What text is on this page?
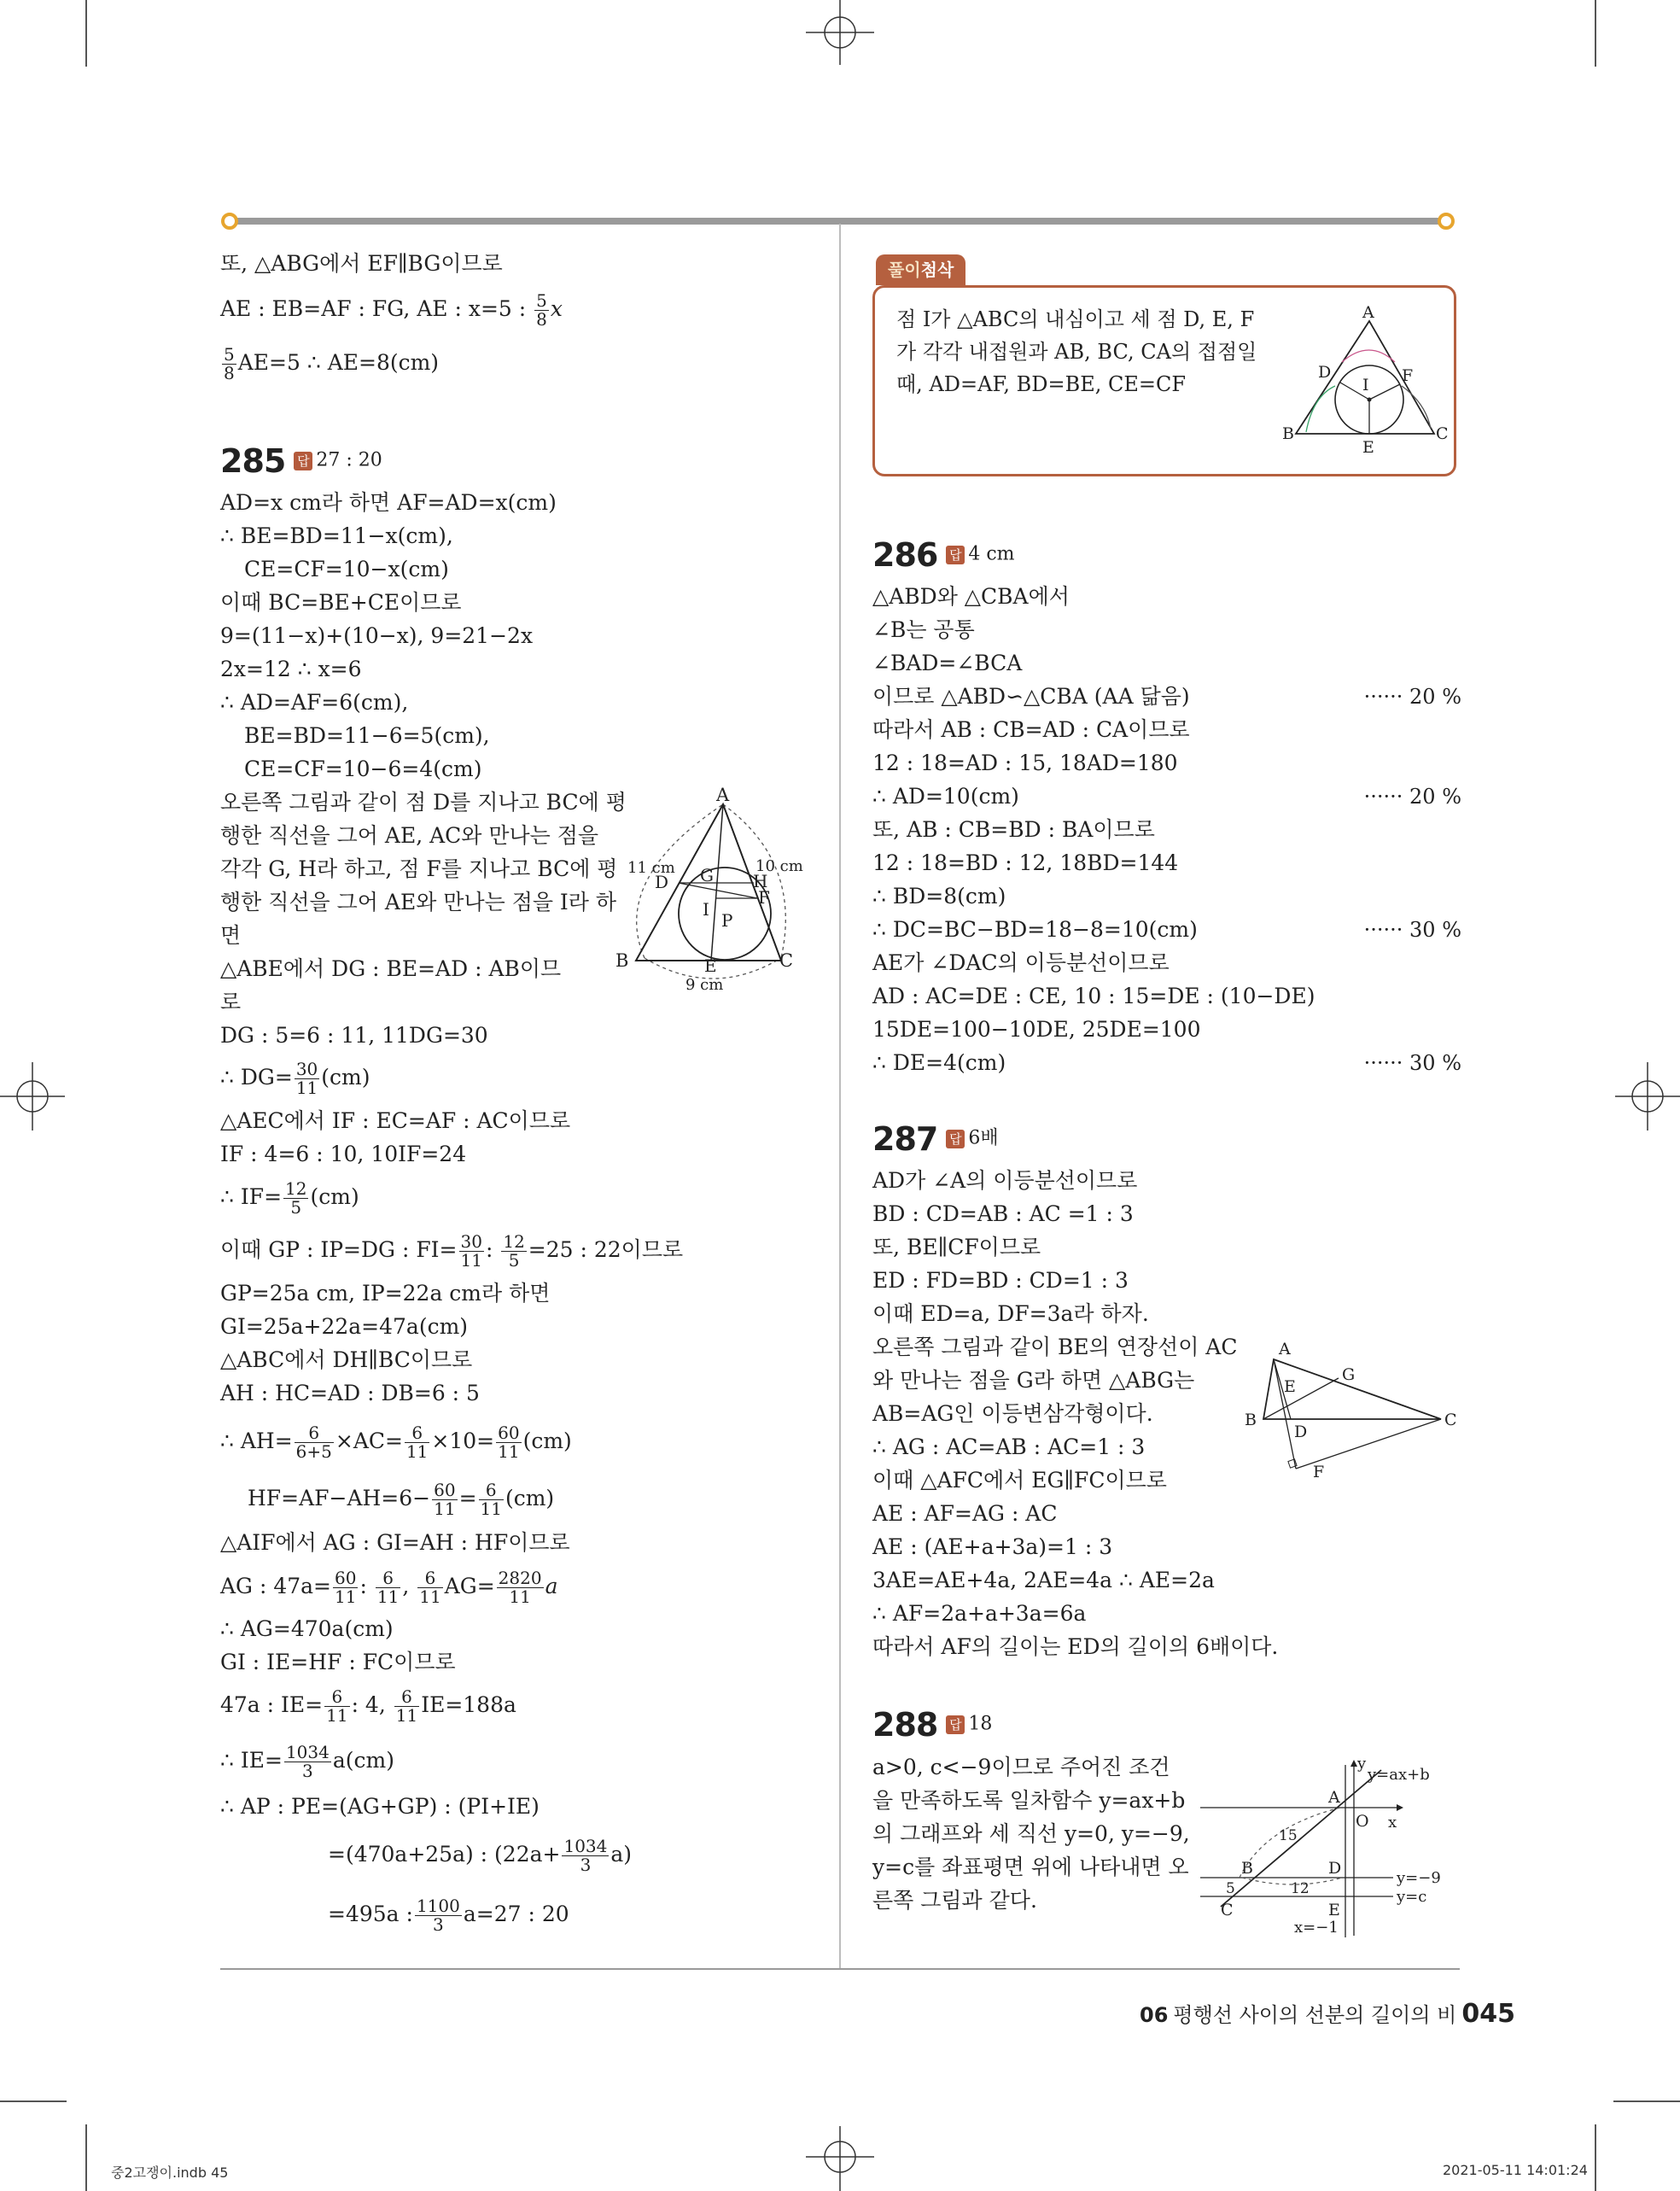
또, △ABG에서 EF∥BG이므로
AE : EB=AF : FG, AE : x=5 : $\frac{5}{8}$ x
$\frac{5}{8} AE=5$ ∴ AE=8(cm)
285 답 27 : 20
AD=x cm라 하면 AF=AD=x(cm)
∴ BE=BD=11−x(cm),
CE=CF=10−x(cm)
이때 BC=BE+CE이므로
9=(11−x)+(10−x), 9=21−2x
2x=12 ∴ x=6
∴ AD=AF=6(cm),
BE=BD=11−6=5(cm),
CE=CF=10−6=4(cm)
오른쪽 그림과 같이 점 D를 지나고 BC에 평
행한 직선을 그어 AE, AC와 만나는 점을
각각 G, H라 하고, 점 F를 지나고 BC에 평
행한 직선을 그어 AE와 만나는 점을 I라 하
면
△ABE에서 DG : BE=AD : AB이므
로
DG : 5=6 : 11, 11DG=30
∴ $DG= \frac{30}{11} (cm)$
△AEC에서 IF : EC=AF : AC이므로
IF : 4=6 : 10, 10IF=24
∴ $IF= \frac{12}{5} (cm)$
이때 GP : IP=DG : $FI= \frac{30}{11}$ : $\frac{12}{5} =25$ : 22이므로
GP=25a cm, IP=22a cm라 하면
GI=25a+22a=47a(cm)
△ABC에서 DH∥BC이므로
AH : HC=AD : DB=6 : 5
∴ $AH= \frac{6}{6+5} \times AC= \frac{6}{11} \times 10= \frac{60}{11} (cm)$
$HF=AF-AH=6- \frac{60}{11} = \frac{6}{11} (cm)$
△AIF에서 AG : GI=AH : HF이므로
AG : $47a= \frac{60}{11}$ : $\frac{6}{11}$ , $\frac{6}{11} AG= \frac{2820}{11}$ a
∴ AG=470a(cm)
GI : IE=HF : FC이므로
47a : $IE= \frac{6}{11}$ : 4, $\frac{6}{11} IE=188a$
∴ $IE= \frac{1034}{3} a(cm)$
∴ AP : PE=(AG+GP) : (PI+IE)
=(470a+25a) : $(22a+ \frac{1034}{3} a)$
=495a : $\frac{1100}{3} a=27$ : 20
A
B	C
D
E
F
G H
I
P
11 cm	10 cm
9 cm
풀이첨삭
점 I가 △ABC의 내심이고 세 점 D, E, F
가 각각 내접원과 AB, BC, CA의 접점일
때, AD=AF, BD=BE, CE=CF
A
B	C
D
E
F
I
286 답 4 cm
△ABD와 △CBA에서
∠B는 공통
∠BAD=∠BCA
이므로 △ABD∽△CBA (AA 닮음)	······ 20 %
따라서 AB : CB=AD : CA이므로
12 : 18=AD : 15, 18AD=180
∴ AD=10(cm)	······ 20 %
또, AB : CB=BD : BA이므로
12 : 18=BD : 12, 18BD=144
∴ BD=8(cm)
∴ DC=BC−BD=18−8=10(cm)	······ 30 %
AE가 ∠DAC의 이등분선이므로
AD : AC=DE : CE, 10 : 15=DE : (10−DE)
15DE=100−10DE, 25DE=100
∴ DE=4(cm)	······ 30 %
287 답 6배
AD가 ∠A의 이등분선이므로
BD : CD=AB : AC =1 : 3
또, BE∥CF이므로
ED : FD=BD : CD=1 : 3
이때 ED=a, DF=3a라 하자.
오른쪽 그림과 같이 BE의 연장선이 AC
와 만나는 점을 G라 하면 △ABG는
AB=AG인 이등변삼각형이다.
∴ AG : AC=AB : AC=1 : 3
이때 △AFC에서 EG∥FC이므로
AE : AF=AG : AC
AE : (AE+a+3a)=1 : 3
3AE=AE+4a, 2AE=4a ∴ AE=2a
∴ AF=2a+a+3a=6a
따라서 AF의 길이는 ED의 길이의 6배이다.
288 답 18
a>0, c<−9이므로 주어진 조건
을 만족하도록 일차함수 y=ax+b
의 그래프와 세 직선 y=0, y=−9,
y=c를 좌표평면 위에 나타내면 오
른쪽 그림과 같다.
A
B	C
D
E
F
G
y
x
O
A
B
C
D
E
y=ax+b
y=−9
y=c
x=−1
15
12
5
06 평행선 사이의 선분의 길이의 비 045
중2고쟁이.indb 45	2021-05-11 14:01:24
